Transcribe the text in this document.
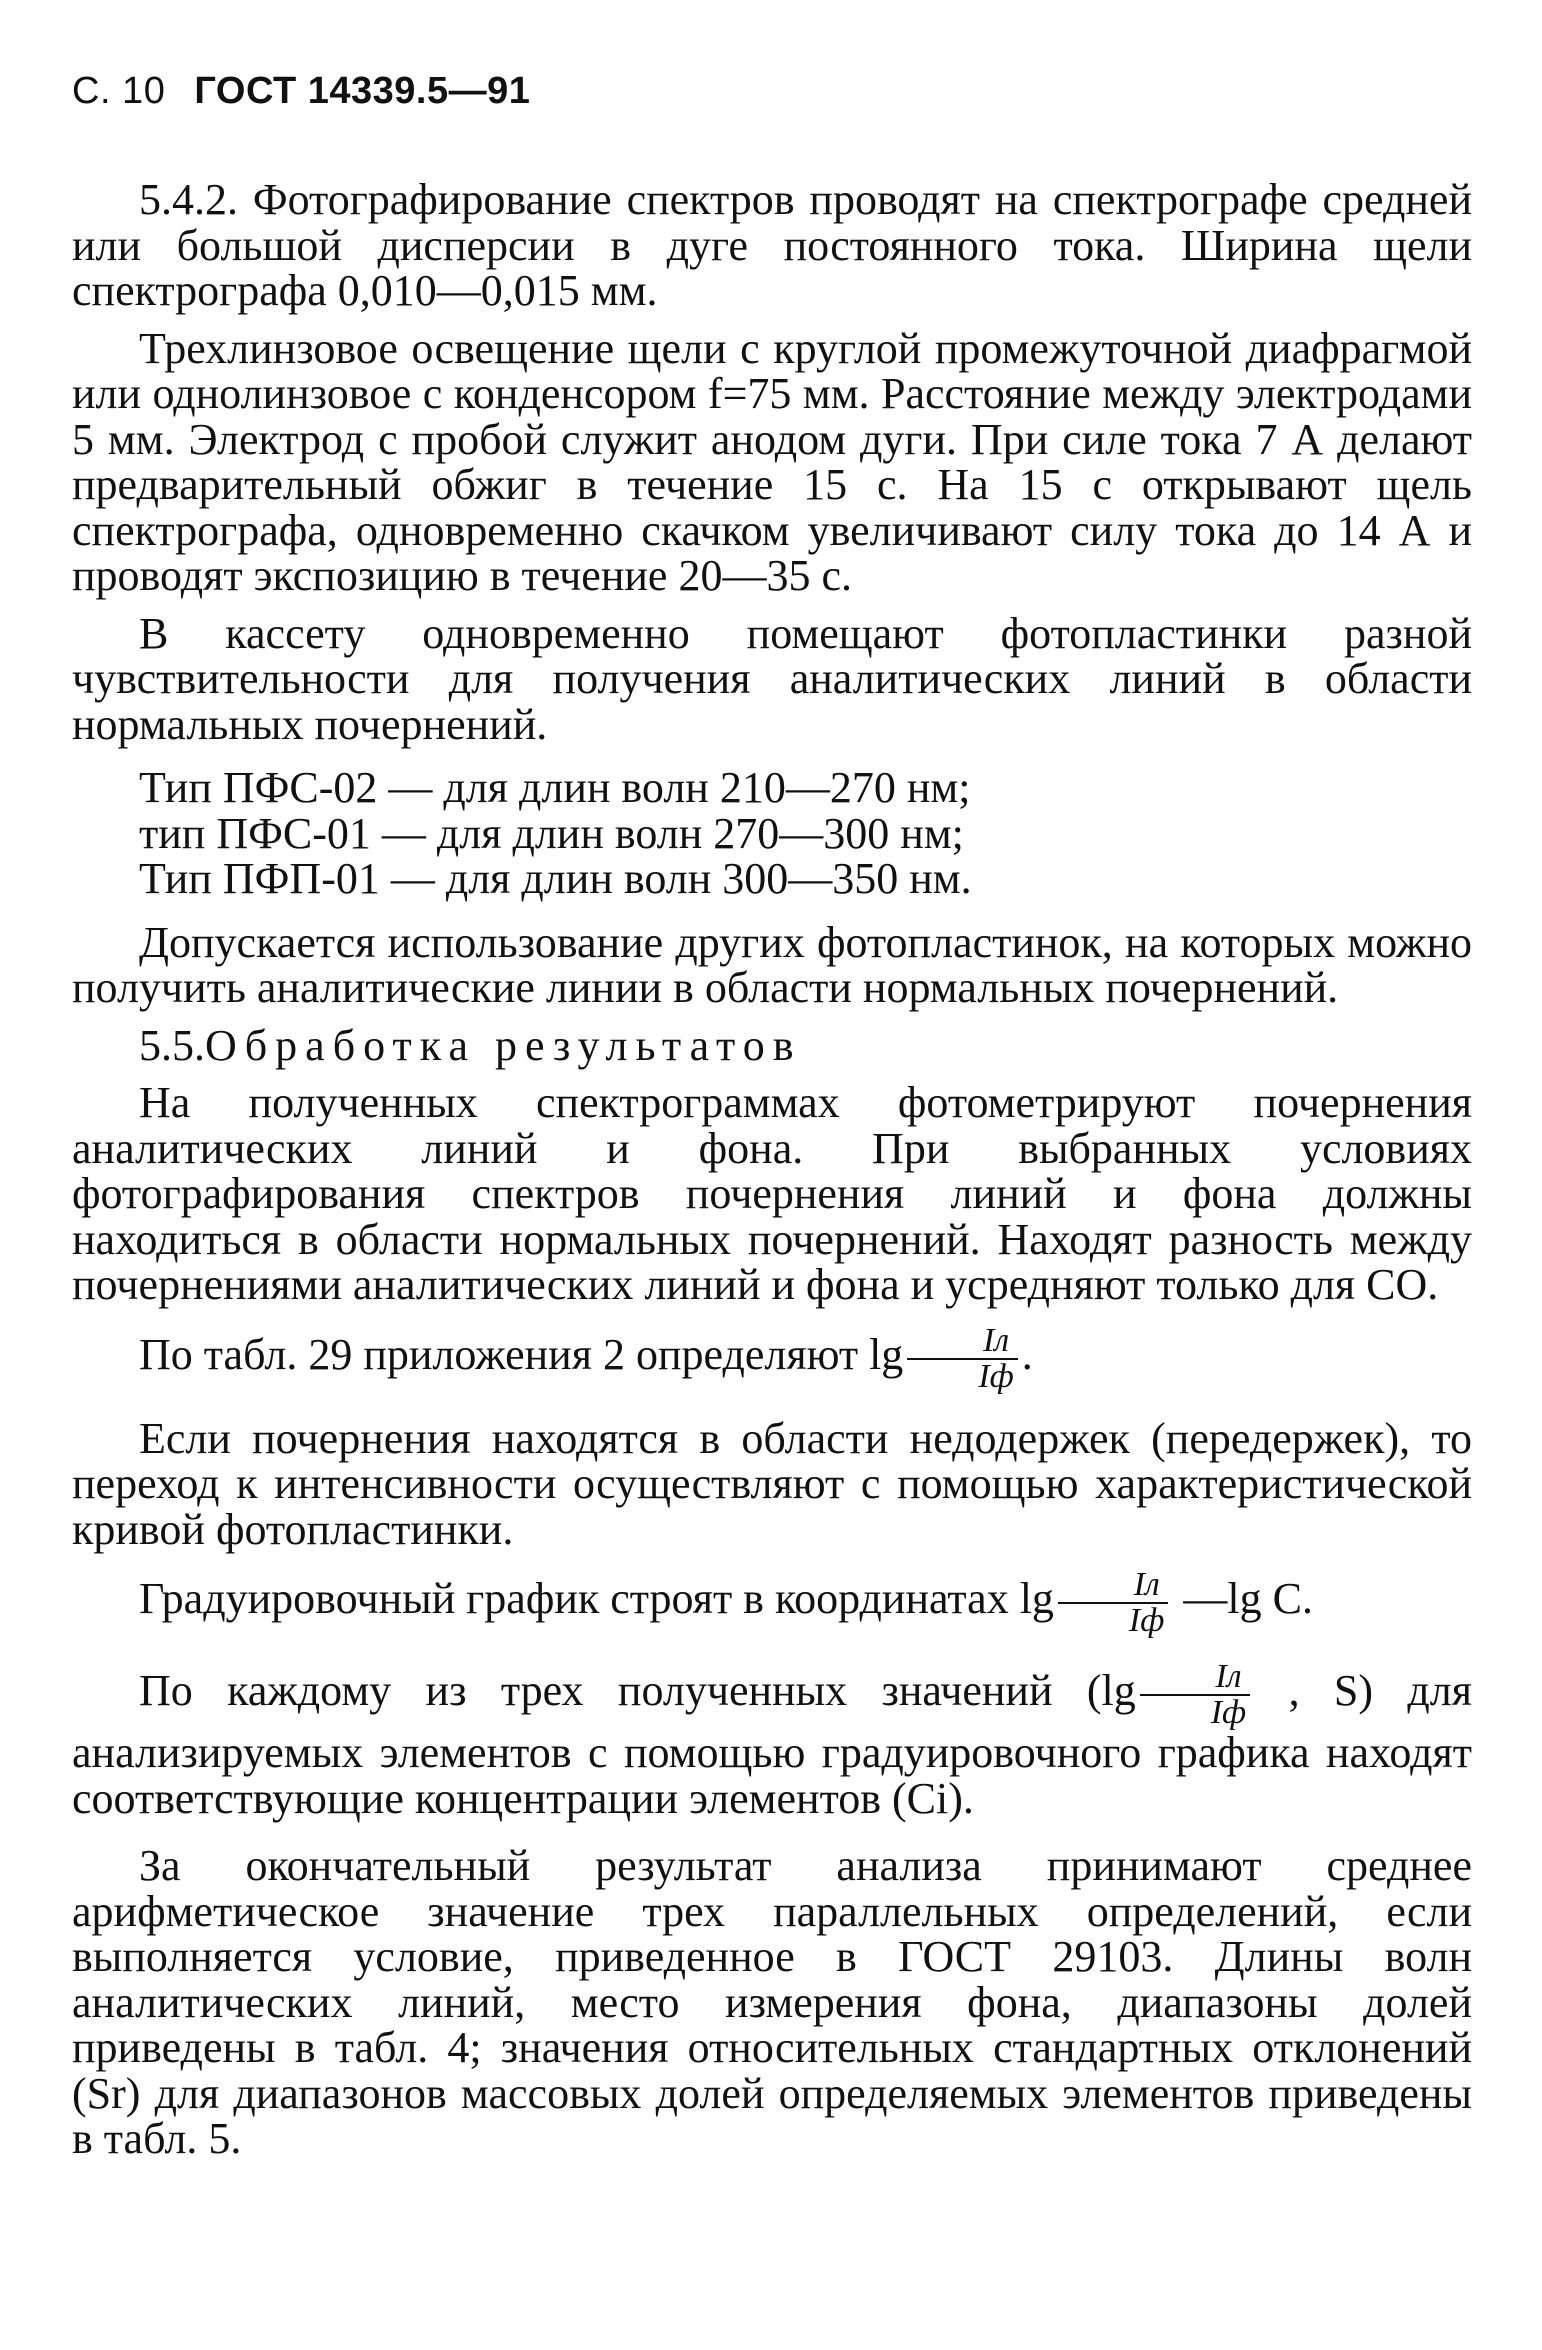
С. 10 ГОСТ 14339.5—91

5.4.2. Фотографирование спектров проводят на спектрографе средней или большой дисперсии в дуге постоянного тока. Ширина щели спектрографа 0,010—0,015 мм.

Трехлинзовое освещение щели с круглой промежуточной диафрагмой или однолинзовое с конденсором f=75 мм. Расстояние между электродами 5 мм. Электрод с пробой служит анодом дуги. При силе тока 7 А делают предварительный обжиг в течение 15 с. На 15 с открывают щель спектрографа, одновременно скачком увеличивают силу тока до 14 А и проводят экспозицию в течение 20—35 с.

В кассету одновременно помещают фотопластинки разной чувствительности для получения аналитических линий в области нормальных почернений.

Тип ПФС-02 — для длин волн 210—270 нм;
тип ПФС-01 — для длин волн 270—300 нм;
Тип ПФП-01 — для длин волн 300—350 нм.

Допускается использование других фотопластинок, на которых можно получить аналитические линии в области нормальных почернений.

5.5.Обработка результатов

На полученных спектрограммах фотометрируют почернения аналитических линий и фона. При выбранных условиях фотографирования спектров почернения линий и фона должны находиться в области нормальных почернений. Находят разность между почернениями аналитических линий и фона и усредняют только для СО.

По табл. 29 приложения 2 определяют $\lg \frac{Iл}{Iф}$ .

Если почернения находятся в области недодержек (передержек), то переход к интенсивности осуществляют с помощью характеристической кривой фотопластинки.

Градуировочный график строят в координатах $\lg \frac{Iл}{Iф}$ —lg C.

По каждому из трех полученных значений ($\lg \frac{Iл}{Iф}$ , S) для анализируемых элементов с помощью градуировочного графика находят соответствующие концентрации элементов (Ci).

За окончательный результат анализа принимают среднее арифметическое значение трех параллельных определений, если выполняется условие, приведенное в ГОСТ 29103. Длины волн аналитических линий, место измерения фона, диапазоны долей приведены в табл. 4; значения относительных стандартных отклонений (Sr) для диапазонов массовых долей определяемых элементов приведены в табл. 5.
